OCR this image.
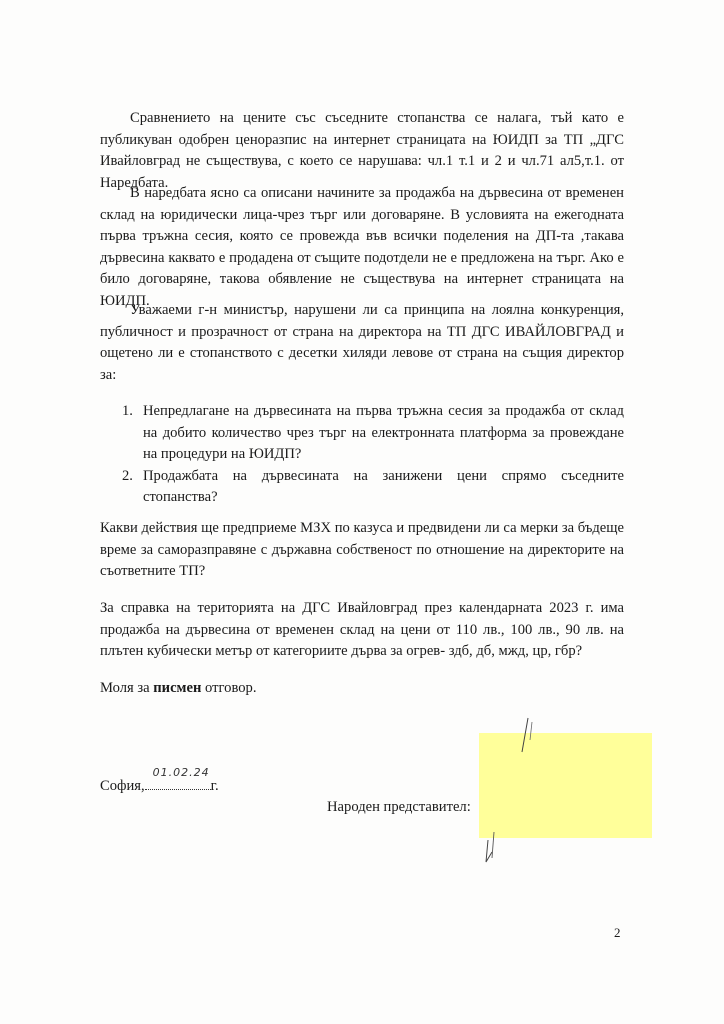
Сравнението на цените със съседните стопанства се налага, тъй като е публикуван одобрен ценоразпис на интернет страницата на ЮИДП за ТП „ДГС Ивайловград не съществува, с което се нарушава: чл.1 т.1 и 2 и чл.71 ал5,т.1. от Наредбата.

В наредбата ясно са описани начините за продажба на дървесина от временен склад на юридически лица-чрез търг или договаряне. В условията на ежегодната първа тръжна сесия, която се провежда във всички поделения на ДП-та ,такава дървесина каквато е продадена от същите подотдели не е предложена на търг. Ако е било договаряне, такова обявление не съществува на интернет страницата на ЮИДП.

Уважаеми г-н министър, нарушени ли са принципа на лоялна конкуренция, публичност и прозрачност от страна на директора на ТП ДГС ИВАЙЛОВГРАД и ощетено ли е стопанството с десетки хиляди левове от страна на същия директор за:

1. Непредлагане на дървесината на първа тръжна сесия за продажба от склад на добито количество чрез търг на електронната платформа за провеждане на процедури на ЮИДП?
2. Продажбата на дървесината на занижени цени спрямо съседните стопанства?

Какви действия ще предприеме МЗХ по казуса и предвидени ли са мерки за бъдеще време за саморазправяне с държавна собственост по отношение на директорите на съответните ТП?

За справка на територията на ДГС Ивайловград през календарната 2023 г. има продажба на дървесина от временен склад на цени от 110 лв., 100 лв., 90 лв. на плътен кубически метър от категориите дърва за огрев- здб, дб, мжд, цр, гбр?

Моля за писмен отговор.

София,
01.02.24
г.
Народен представител:
2
